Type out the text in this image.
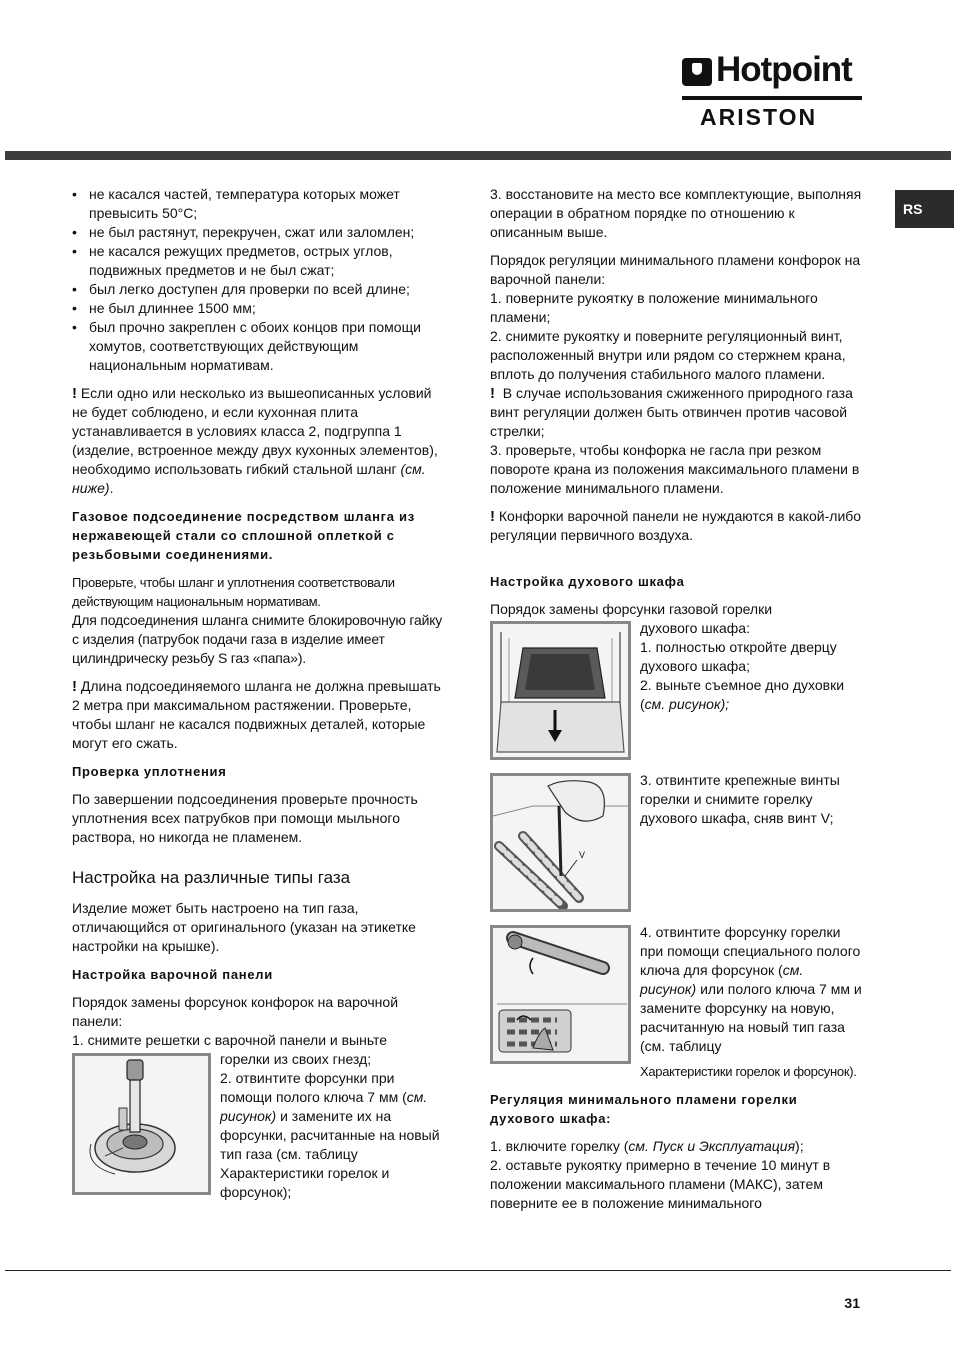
Hotpoint
ARISTON
RS
• не касался частей, температура которых может превысить 50°C;
• не был растянут, перекручен, сжат или заломлен;
• не касался режущих предметов, острых углов, подвижных предметов и не был сжат;
• был легко доступен для проверки по всей длине;
• не был длиннее 1500 мм;
• был прочно закреплен с обоих концов при помощи хомутов, соответствующих действующим национальным нормативам.

! Если одно или несколько из вышеописанных условий не будет соблюдено, и если кухонная плита устанавливается в условиях класса 2, подгруппа 1 (изделие, встроенное между двух кухонных элементов), необходимо использовать гибкий стальной шланг (см. ниже).

Газовое подсоединение посредством шланга из нержавеющей стали со сплошной оплеткой с резьбовыми соединениями.
Проверьте, чтобы шланг и уплотнения соответствовали действующим национальным нормативам.
Для подсоединения шланга снимите блокировочную гайку с изделия (патрубок подачи газа в изделие имеет цилиндрическу резьбу S газ «папа»).

! Длина подсоединяемого шланга не должна превышать 2 метра при максимальном растяжении. Проверьте, чтобы шланг не касался подвижных деталей, которые могут его сжать.

Проверка уплотнения

По завершении подсоединения проверьте прочность уплотнения всех патрубков при помощи мыльного раствора, но никогда не пламенем.

Настройка на различные типы газа

Изделие может быть настроено на тип газа, отличающийся от оригинального (указан на этикетке настройки на крышке).

Настройка варочной панели

Порядок замены форсунок конфорок на варочной панели:

1. снимите решетки с варочной панели и выньте
горелки из своих гнезд;
2. отвинтите форсунки при помощи полого ключа 7 мм (см. рисунок) и замените их на форсунки, расчитанные на новый тип газа (см. таблицу Характеристики горелок и форсунок);

3. восстановите на место все комплектующие, выполняя операции в обратном порядке по отношению к описанным выше.

Порядок регуляции минимального пламени конфорок на варочной панели:
1. поверните рукоятку в положение минимального пламени;
2. снимите рукоятку и поверните регуляционный винт, расположенный внутри или рядом со стержнем крана, вплоть до получения стабильного малого пламени.
! В случае использования сжиженного природного газа винт регуляции должен быть отвинчен против часовой стрелки;
3. проверьте, чтобы конфорка не гасла при резком повороте крана из положения максимального пламени в положение минимального пламени.

! Конфорки варочной панели не нуждаются в какой-либо регуляции первичного воздуха.

Настройка духового шкафа
Порядок замены форсунки газовой горелки
духового шкафа:
1. полностью откройте дверцу духового шкафа;
2. выньте съемное дно духовки (см. рисунок);
V
3. отвинтите крепежные винты горелки и снимите горелку духового шкафа, сняв винт V;
4. отвинтите форсунку горелки при помощи специального полого ключа для форсунок (см. рисунок) или полого ключа 7 мм и замените форсунку на новую, расчитанную на новый тип газа (см. таблицу
Характеристики горелок и форсунок).
Регуляция минимального пламени горелки духового шкафа:
1. включите горелку (см. Пуск и Эксплуатация);
2. оставьте рукоятку примерно в течение 10 минут в положении максимального пламени (МАКС), затем поверните ее в положение минимального
31
